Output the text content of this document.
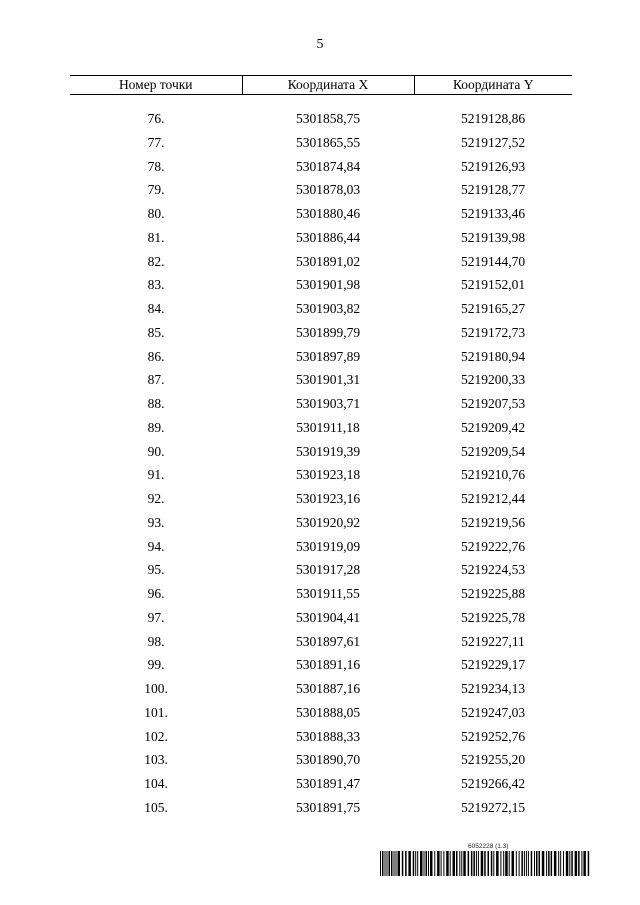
5
Номер точки	Координата X	Координата Y

76.	5301858,75	5219128,86
77.	5301865,55	5219127,52
78.	5301874,84	5219126,93
79.	5301878,03	5219128,77
80.	5301880,46	5219133,46
81.	5301886,44	5219139,98
82.	5301891,02	5219144,70
83.	5301901,98	5219152,01
84.	5301903,82	5219165,27
85.	5301899,79	5219172,73
86.	5301897,89	5219180,94
87.	5301901,31	5219200,33
88.	5301903,71	5219207,53
89.	5301911,18	5219209,42
90.	5301919,39	5219209,54
91.	5301923,18	5219210,76
92.	5301923,16	5219212,44
93.	5301920,92	5219219,56
94.	5301919,09	5219222,76
95.	5301917,28	5219224,53
96.	5301911,55	5219225,88
97.	5301904,41	5219225,78
98.	5301897,61	5219227,11
99.	5301891,16	5219229,17
100.	5301887,16	5219234,13
101.	5301888,05	5219247,03
102.	5301888,33	5219252,76
103.	5301890,70	5219255,20
104.	5301891,47	5219266,42
105.	5301891,75	5219272,15
6052228 (1.3)
